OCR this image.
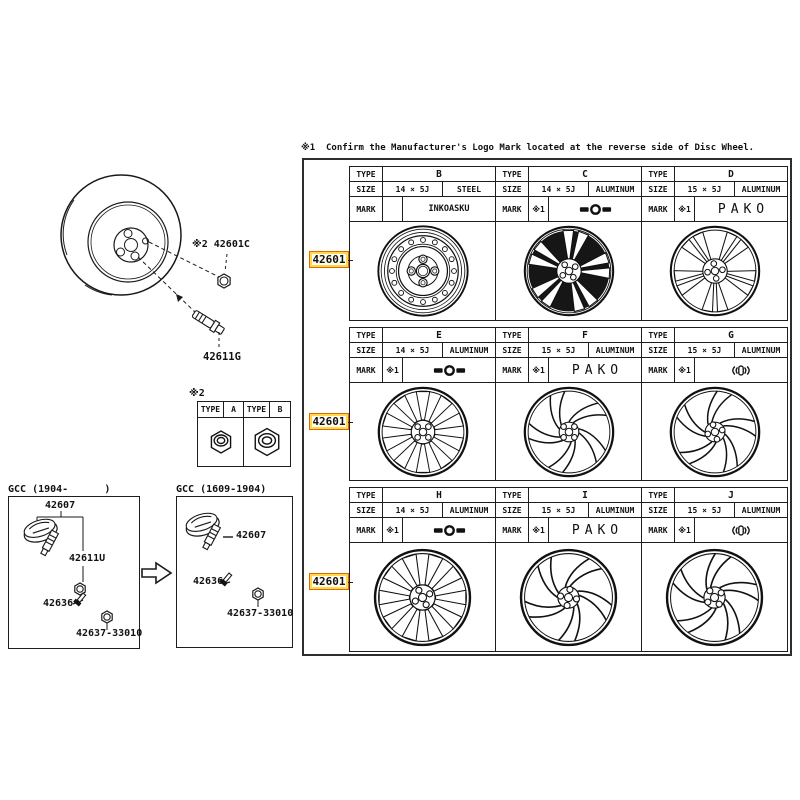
※1  Confirm the Manufacturer's Logo Mark located at the reverse side of Disc Wheel.
TYPE	B
SIZE	14 × 5J	STEEL
MARK	INKOASKU
TYPE	C
SIZE	14 × 5J	ALUMINUM
MARK	※1
TYPE	D
SIZE	15 × 5J	ALUMINUM
MARK	※1	PAKO
TYPE	E
SIZE	14 × 5J	ALUMINUM
MARK	※1
TYPE	F
SIZE	15 × 5J	ALUMINUM
MARK	※1	PAKO
TYPE	G
SIZE	15 × 5J	ALUMINUM
MARK	※1
TYPE	H
SIZE	14 × 5J	ALUMINUM
MARK	※1
TYPE	I
SIZE	15 × 5J	ALUMINUM
MARK	※1	PAKO
TYPE	J
SIZE	15 × 5J	ALUMINUM
MARK	※1
42601
42601
42601
※2 42601C
42611G
※2
TYPE	A	TYPE	B
GCC (1904-      )
42607
42611U
42636
42637-33010
GCC (1609-1904)
42607
42636
42637-33010
